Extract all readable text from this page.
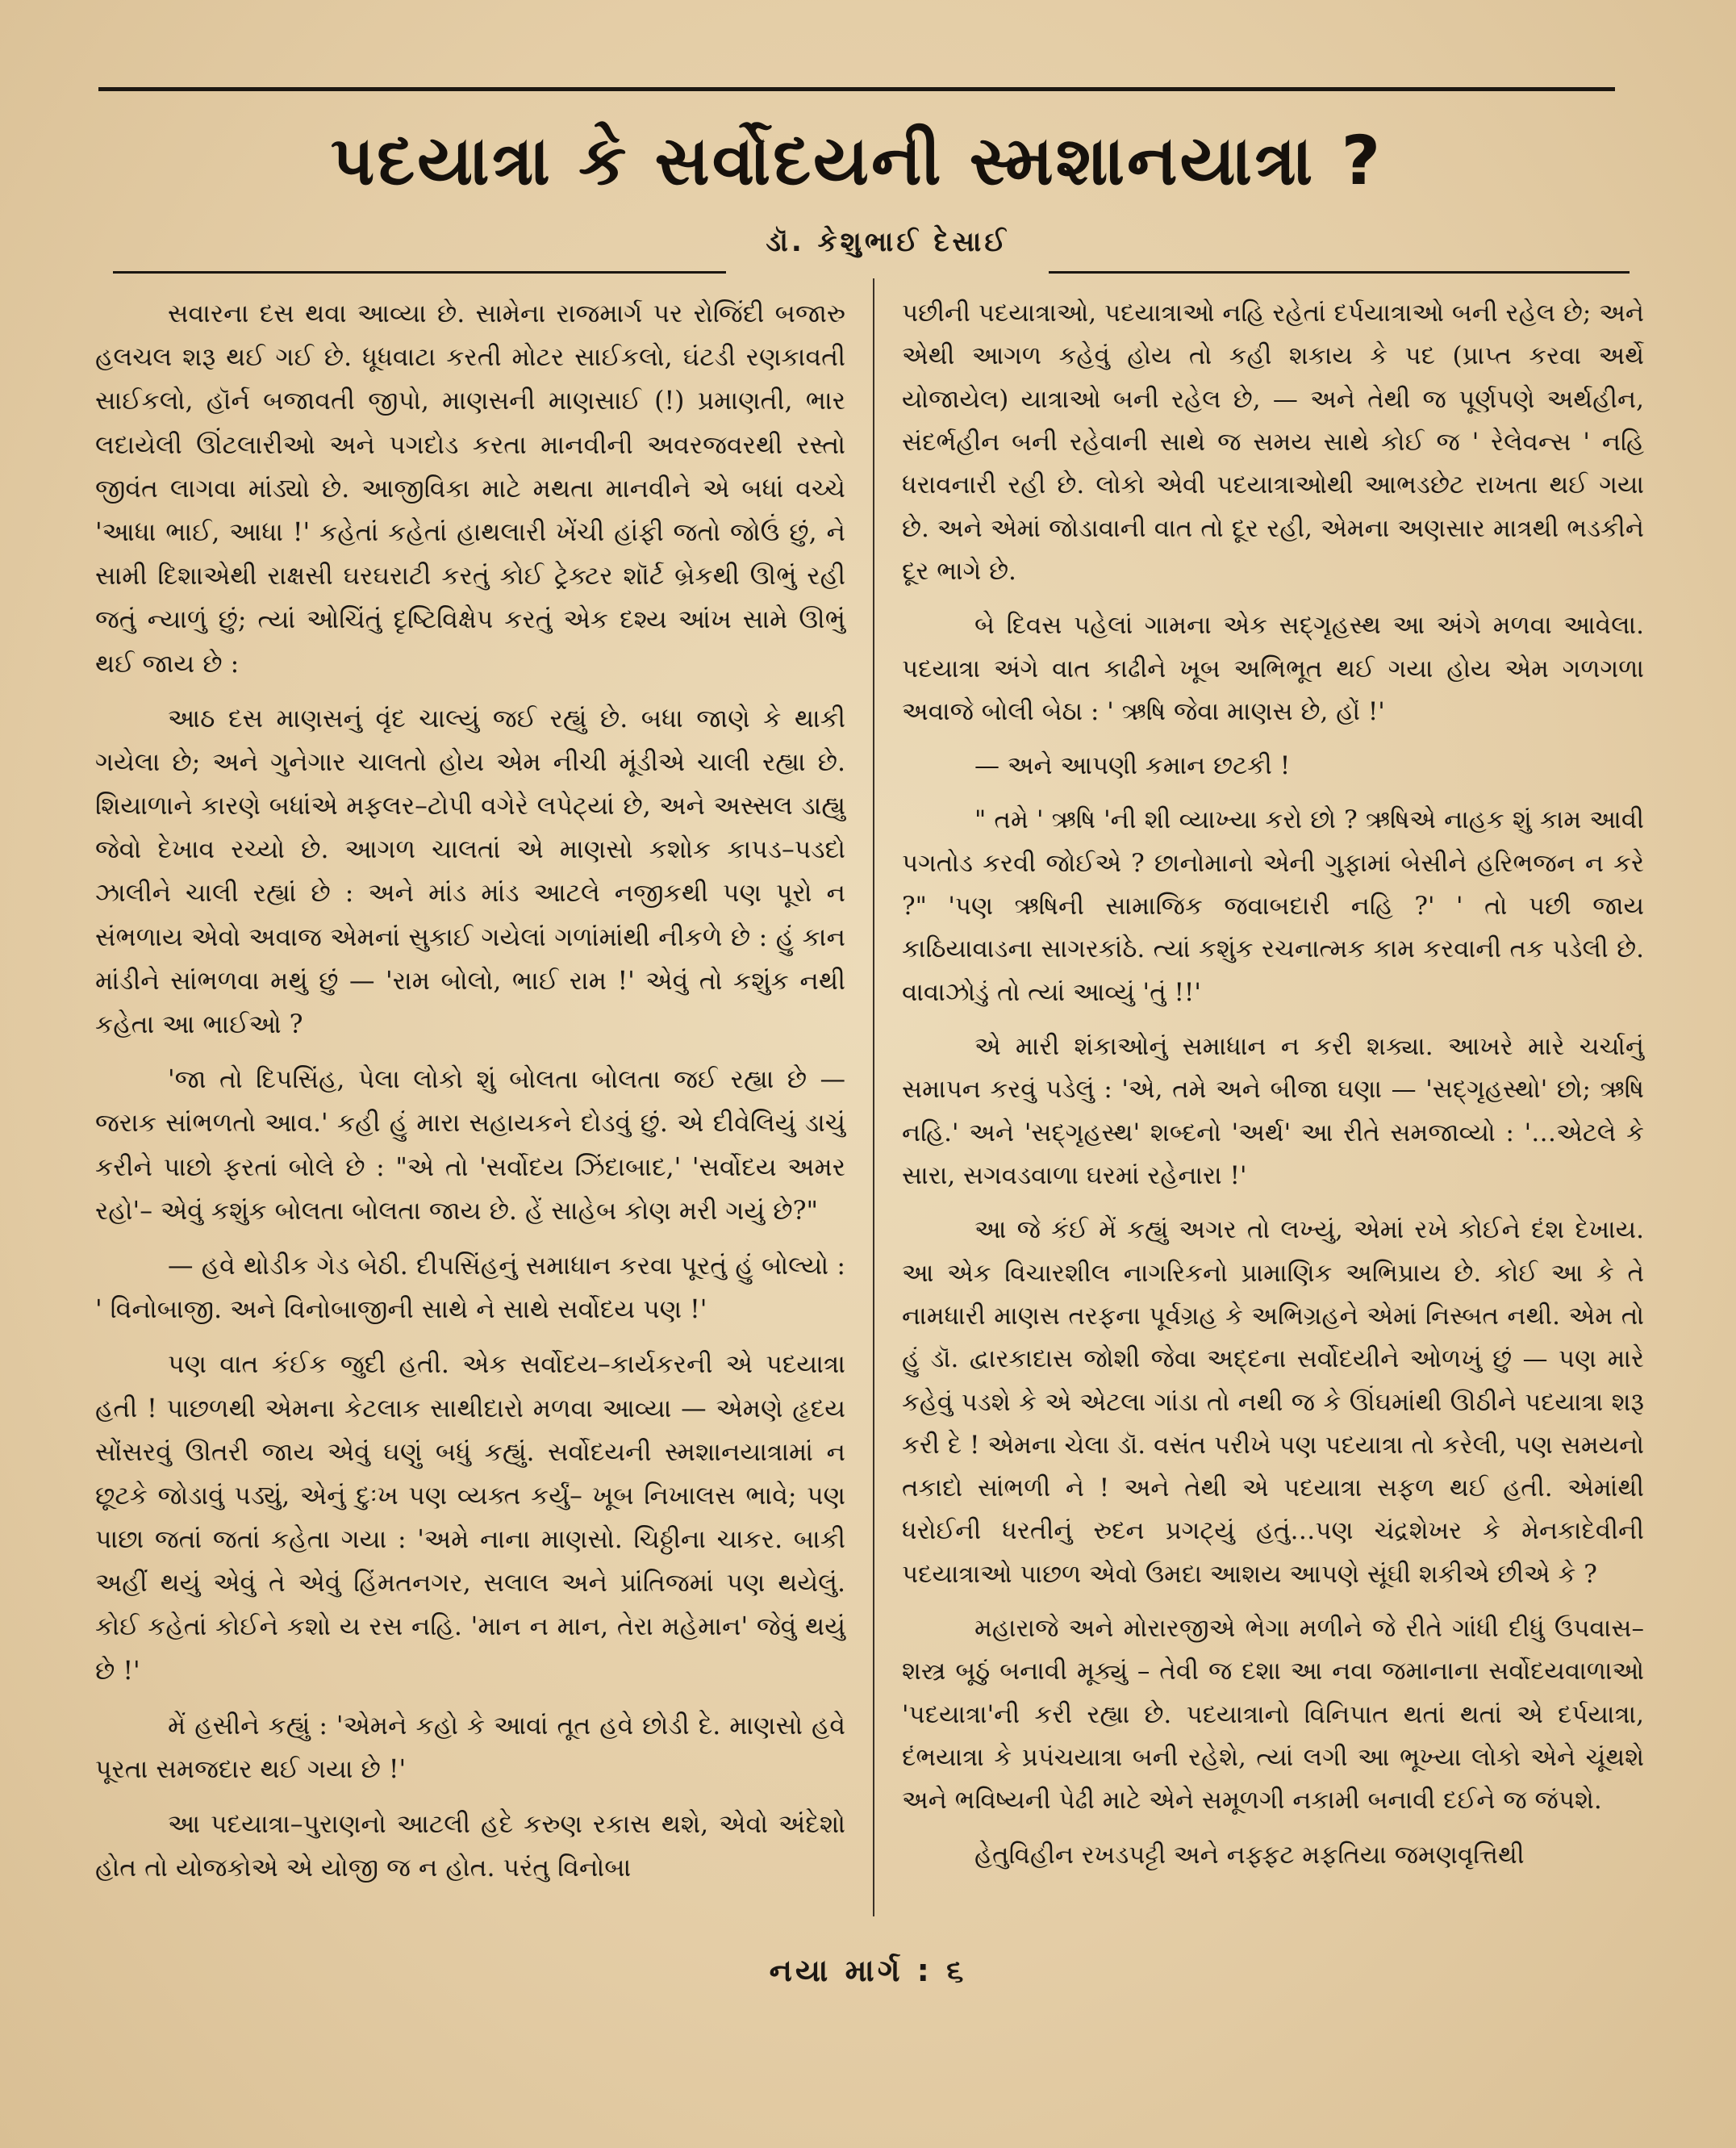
પદયાત્રા કે સર્વોદયની સ્મશાનયાત્રા ?
ડૉ. કેશુભાઈ દેસાઈ

સવારના દસ થવા આવ્યા છે. સામેના રાજમાર્ગ પર રોજિંદી બજારુ હલચલ શરૂ થઈ ગઈ છે. ધૂધવાટા કરતી મોટર સાઈકલો, ઘંટડી રણકાવતી સાઈકલો, હૉર્ન બજાવતી જીપો, માણસની માણસાઈ (!) પ્રમાણતી, ભાર લદાયેલી ઊંટલારીઓ અને પગદોડ કરતા માનવીની અવરજવરથી રસ્તો જીવંત લાગવા માંડ્યો છે. આજીવિકા માટે મથતા માનવીને એ બધાં વચ્ચે 'આધા ભાઈ, આધા !' કહેતાં કહેતાં હાથલારી ખેંચી હાંફી જતો જોઉં છું, ને સામી દિશાએથી રાક્ષસી ઘરઘરાટી કરતું કોઈ ટ્રેક્ટર શૉર્ટ બ્રેકથી ઊભું રહી જતું ન્યાળું છું; ત્યાં ઓચિંતું દૃષ્ટિવિક્ષેપ કરતું એક દશ્ય આંખ સામે ઊભું થઈ જાય છે :

આઠ દસ માણસનું વૃંદ ચાલ્યું જઈ રહ્યું છે. બધા જાણે કે થાકી ગયેલા છે; અને ગુનેગાર ચાલતો હોય એમ નીચી મૂંડીએ ચાલી રહ્યા છે. શિયાળાને કારણે બધાંએ મફલર–ટોપી વગેરે લપેટ્યાં છે, અને અસ્સલ ડાહ્યુ જેવો દેખાવ રચ્યો છે. આગળ ચાલતાં એ માણસો કશોક કાપડ–પડદો ઝાલીને ચાલી રહ્યાં છે : અને માંડ માંડ આટલે નજીકથી પણ પૂરો ન સંભળાય એવો અવાજ એમનાં સુકાઈ ગયેલાં ગળાંમાંથી નીકળે છે : હું કાન માંડીને સાંભળવા મથું છું — 'રામ બોલો, ભાઈ રામ !' એવું તો કશુંક નથી કહેતા આ ભાઈઓ ?

'જા તો દિપસિંહ, પેલા લોકો શું બોલતા બોલતા જઈ રહ્યા છે — જરાક સાંભળતો આવ.' કહી હું મારા સહાયકને દોડવું છું. એ દીવેલિયું ડાચું કરીને પાછો ફરતાં બોલે છે : "એ તો 'સર્વોદય ઝિંદાબાદ,' 'સર્વોદય અમર રહો'– એવું કશુંક બોલતા બોલતા જાય છે. હેં સાહેબ કોણ મરી ગયું છે?"

— હવે થોડીક ગેડ બેઠી. દીપસિંહનું સમાધાન કરવા પૂરતું હું બોલ્યો : ' વિનોબાજી. અને વિનોબાજીની સાથે ને સાથે સર્વોદય પણ !'

પણ વાત કંઈક જુદી હતી. એક સર્વોદય–કાર્યકરની એ પદયાત્રા હતી ! પાછળથી એમના કેટલાક સાથીદારો મળવા આવ્યા — એમણે હૃદય સોંસરવું ઊતરી જાય એવું ઘણું બધું કહ્યું. સર્વોદયની સ્મશાનયાત્રામાં ન છૂટકે જોડાવું પડ્યું, એનું દુઃખ પણ વ્યક્ત કર્યું– ખૂબ નિખાલસ ભાવે; પણ પાછા જતાં જતાં કહેતા ગયા : 'અમે નાના માણસો. ચિઠ્ઠીના ચાકર. બાકી અહીં થયું એવું તે એવું હિંમતનગર, સલાલ અને પ્રાંતિજમાં પણ થયેલું. કોઈ કહેતાં કોઈને કશો ય રસ નહિ. 'માન ન માન, તેરા મહેમાન' જેવું થયું છે !'

મેં હસીને કહ્યું : 'એમને કહો કે આવાં તૂત હવે છોડી દે. માણસો હવે પૂરતા સમજદાર થઈ ગયા છે !'

આ પદયાત્રા–પુરાણનો આટલી હદે કરુણ રકાસ થશે, એવો અંદેશો હોત તો યોજકોએ એ યોજી જ ન હોત. પરંતુ વિનોબા

પછીની પદયાત્રાઓ, પદયાત્રાઓ નહિ રહેતાં દર્પયાત્રાઓ બની રહેલ છે; અને એથી આગળ કહેવું હોય તો કહી શકાય કે પદ (પ્રાપ્ત કરવા અર્થે યોજાયેલ) યાત્રાઓ બની રહેલ છે, — અને તેથી જ પૂર્ણપણે અર્થહીન, સંદર્ભહીન બની રહેવાની સાથે જ સમય સાથે કોઈ જ ' રેલેવન્સ ' નહિ ધરાવનારી રહી છે. લોકો એવી પદયાત્રાઓથી આભડછેટ રાખતા થઈ ગયા છે. અને એમાં જોડાવાની વાત તો દૂર રહી, એમના અણસાર માત્રથી ભડકીને દૂર ભાગે છે.

બે દિવસ પહેલાં ગામના એક સદ્‌ગૃહસ્થ આ અંગે મળવા આવેલા. પદયાત્રા અંગે વાત કાઢીને ખૂબ અભિભૂત થઈ ગયા હોય એમ ગળગળા અવાજે બોલી બેઠા : ' ઋષિ જેવા માણસ છે, હોં !'

— અને આપણી કમાન છટકી !

" તમે ' ઋષિ 'ની શી વ્યાખ્યા કરો છો ? ઋષિએ નાહક શું કામ આવી પગતોડ કરવી જોઈએ ? છાનોમાનો એની ગુફામાં બેસીને હરિભજન ન કરે ?" 'પણ ઋષિની સામાજિક જવાબદારી નહિ ?' ' તો પછી જાય કાઠિયાવાડના સાગરકાંઠે. ત્યાં કશુંક રચનાત્મક કામ કરવાની તક પડેલી છે. વાવાઝોડું તો ત્યાં આવ્યું 'તું !!'

એ મારી શંકાઓનું સમાધાન ન કરી શક્યા. આખરે મારે ચર્ચાનું સમાપન કરવું પડેલું : 'એ, તમે અને બીજા ઘણા — 'સદ્‌ગૃહસ્થો' છો; ઋષિ નહિ.' અને 'સદ્‌ગૃહસ્થ' શબ્દનો 'અર્થ' આ રીતે સમજાવ્યો : '…એટલે કે સારા, સગવડવાળા ઘરમાં રહેનારા !'

આ જે કંઈ મેં કહ્યું અગર તો લખ્યું, એમાં રખે કોઈને દંશ દેખાય. આ એક વિચારશીલ નાગરિકનો પ્રામાણિક અભિપ્રાય છે. કોઈ આ કે તે નામધારી માણસ તરફના પૂર્વગ્રહ કે અભિગ્રહને એમાં નિસ્બત નથી. એમ તો હું ડૉ. દ્વારકાદાસ જોશી જેવા અદ્દના સર્વોદયીને ઓળખું છું — પણ મારે કહેવું પડશે કે એ એટલા ગાંડા તો નથી જ કે ઊંઘમાંથી ઊઠીને પદયાત્રા શરૂ કરી દે ! એમના ચેલા ડૉ. વસંત પરીખે પણ પદયાત્રા તો કરેલી, પણ સમયનો તકાદો સાંભળી ને ! અને તેથી એ પદયાત્રા સફળ થઈ હતી. એમાંથી ધરોઈની ધરતીનું રુદન પ્રગટ્યું હતું…પણ ચંદ્રશેખર કે મેનકાદેવીની પદયાત્રાઓ પાછળ એવો ઉમદા આશય આપણે સૂંઘી શકીએ છીએ કે ?

મહારાજે અને મોરારજીએ ભેગા મળીને જે રીતે ગાંધી દીધું ઉપવાસ–શસ્ત્ર બૂઠું બનાવી મૂક્યું – તેવી જ દશા આ નવા જમાનાના સર્વોદયવાળાઓ 'પદયાત્રા'ની કરી રહ્યા છે. પદયાત્રાનો વિનિપાત થતાં થતાં એ દર્પયાત્રા, દંભયાત્રા કે પ્રપંચયાત્રા બની રહેશે, ત્યાં લગી આ ભૂખ્યા લોકો એને ચૂંથશે અને ભવિષ્યની પેઢી માટે એને સમૂળગી નકામી બનાવી દઈને જ જંપશે.

હેતુવિહીન રખડપટ્ટી અને નફ્ફટ મફતિયા જમણવૃત્તિથી

નયા માર્ગ : ૬
